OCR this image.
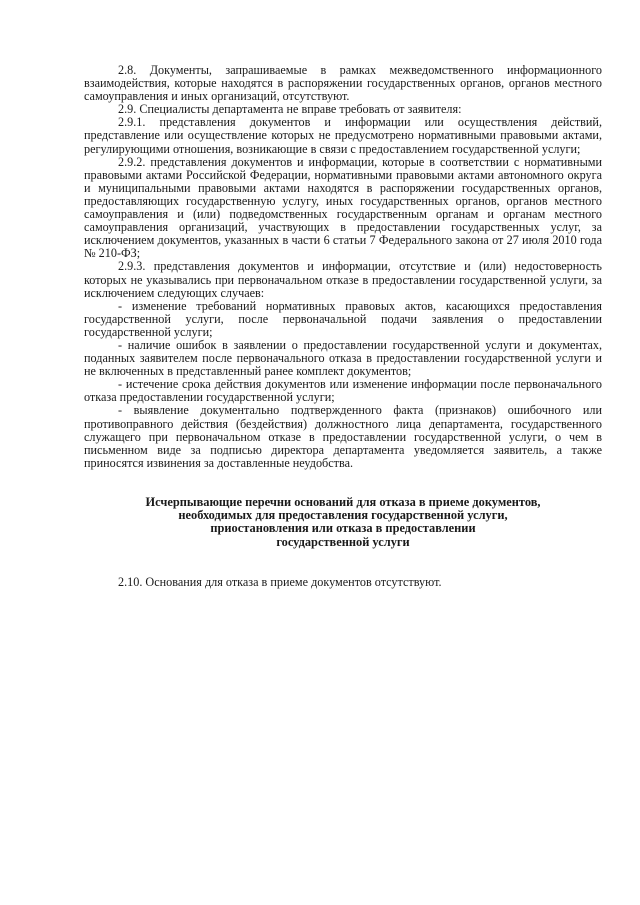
2.8. Документы, запрашиваемые в рамках межведомственного информационного взаимодействия, которые находятся в распоряжении государственных органов, органов местного самоуправления и иных организаций, отсутствуют.

2.9. Специалисты департамента не вправе требовать от заявителя:

2.9.1. представления документов и информации или осуществления действий, представление или осуществление которых не предусмотрено нормативными правовыми актами, регулирующими отношения, возникающие в связи с предоставлением государственной услуги;

2.9.2. представления документов и информации, которые в соответствии с нормативными правовыми актами Российской Федерации, нормативными правовыми актами автономного округа и муниципальными правовыми актами находятся в распоряжении государственных органов, предоставляющих государственную услугу, иных государственных органов, органов местного самоуправления и (или) подведомственных государственным органам и органам местного самоуправления организаций, участвующих в предоставлении государственных услуг, за исключением документов, указанных в части 6 статьи 7 Федерального закона от 27 июля 2010 года № 210-ФЗ;

2.9.3. представления документов и информации, отсутствие и (или) недостоверность которых не указывались при первоначальном отказе в предоставлении государственной услуги, за исключением следующих случаев:

- изменение требований нормативных правовых актов, касающихся предоставления государственной услуги, после первоначальной подачи заявления о предоставлении государственной услуги;

- наличие ошибок в заявлении о предоставлении государственной услуги и документах, поданных заявителем после первоначального отказа в предоставлении государственной услуги и не включенных в представленный ранее комплект документов;

- истечение срока действия документов или изменение информации после первоначального отказа предоставлении государственной услуги;

- выявление документально подтвержденного факта (признаков) ошибочного или противоправного действия (бездействия) должностного лица департамента, государственного служащего при первоначальном отказе в предоставлении государственной услуги, о чем в письменном виде за подписью директора департамента уведомляется заявитель, а также приносятся извинения за доставленные неудобства.

Исчерпывающие перечни оснований для отказа в приеме документов,
необходимых для предоставления государственной услуги,
приостановления или отказа в предоставлении
государственной услуги

2.10. Основания для отказа в приеме документов отсутствуют.
